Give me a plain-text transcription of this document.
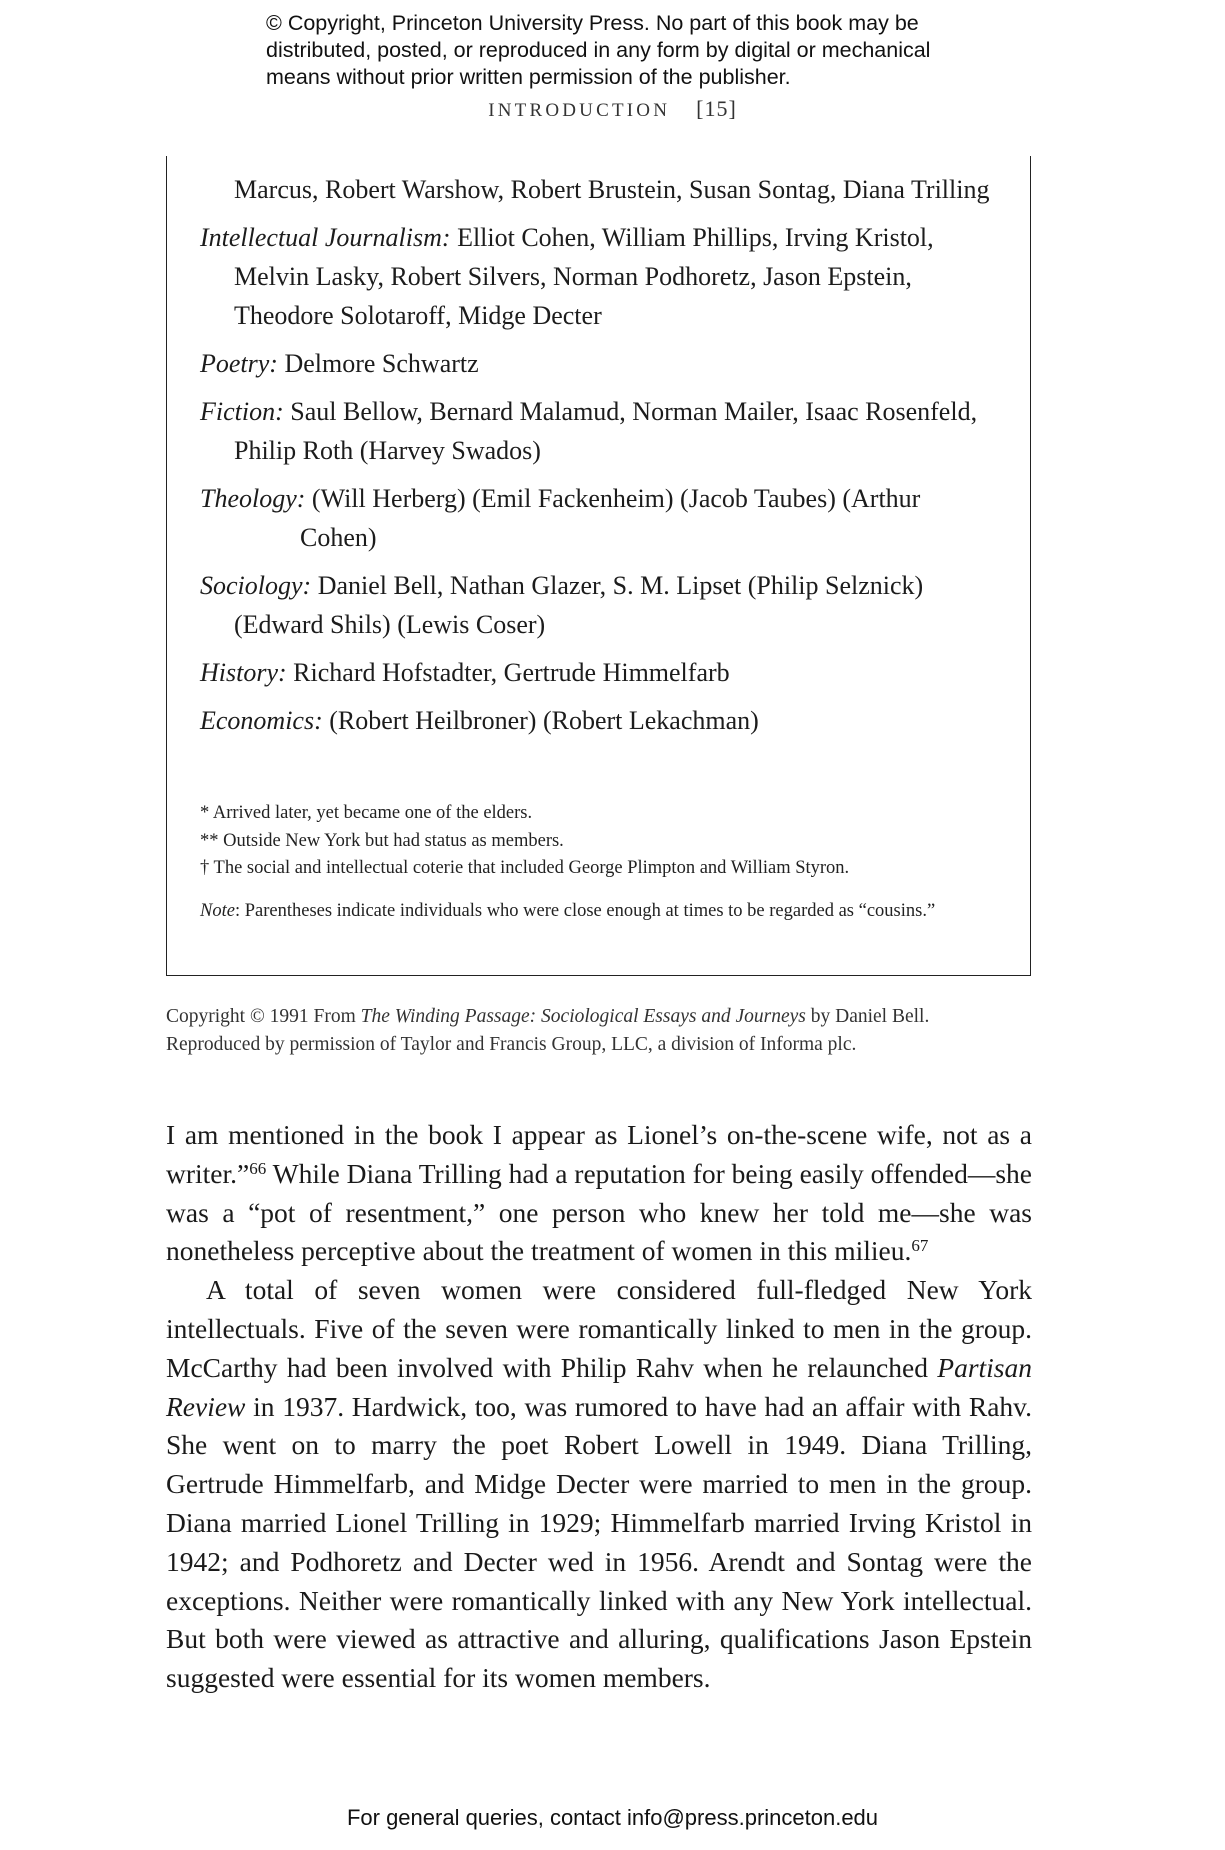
© Copyright, Princeton University Press. No part of this book may be distributed, posted, or reproduced in any form by digital or mechanical means without prior written permission of the publisher.
INTRODUCTION [15]

Marcus, Robert Warshow, Robert Brustein, Susan Sontag, Diana Trilling

Intellectual Journalism: Elliot Cohen, William Phillips, Irving Kristol, Melvin Lasky, Robert Silvers, Norman Podhoretz, Jason Epstein, Theodore Solotaroff, Midge Decter

Poetry: Delmore Schwartz

Fiction: Saul Bellow, Bernard Malamud, Norman Mailer, Isaac Rosenfeld, Philip Roth (Harvey Swados)

Theology: (Will Herberg) (Emil Fackenheim) (Jacob Taubes) (Arthur Cohen)

Sociology: Daniel Bell, Nathan Glazer, S. M. Lipset (Philip Selznick) (Edward Shils) (Lewis Coser)

History: Richard Hofstadter, Gertrude Himmelfarb

Economics: (Robert Heilbroner) (Robert Lekachman)

* Arrived later, yet became one of the elders.

** Outside New York but had status as members.

† The social and intellectual coterie that included George Plimpton and William Styron.

Note: Parentheses indicate individuals who were close enough at times to be regarded as “cousins.”

Copyright © 1991 From The Winding Passage: Sociological Essays and Journeys by Daniel Bell.

Reproduced by permission of Taylor and Francis Group, LLC, a division of Informa plc.

I am mentioned in the book I appear as Lionel’s on-the-scene wife, not as a writer.”$^{66}$ While Diana Trilling had a reputation for being easily offended—she was a “pot of resentment,” one person who knew her told me—she was nonetheless perceptive about the treatment of women in this milieu.$^{67}$

A total of seven women were considered full-fledged New York intellectuals. Five of the seven were romantically linked to men in the group. McCarthy had been involved with Philip Rahv when he relaunched Partisan Review in 1937. Hardwick, too, was rumored to have had an affair with Rahv. She went on to marry the poet Robert Lowell in 1949. Diana Trilling, Gertrude Himmelfarb, and Midge Decter were married to men in the group. Diana married Lionel Trilling in 1929; Himmelfarb married Irving Kristol in 1942; and Podhoretz and Decter wed in 1956. Arendt and Sontag were the exceptions. Neither were romantically linked with any New York intellectual. But both were viewed as attractive and alluring, qualifications Jason Epstein suggested were essential for its women members.

For general queries, contact info@press.princeton.edu
